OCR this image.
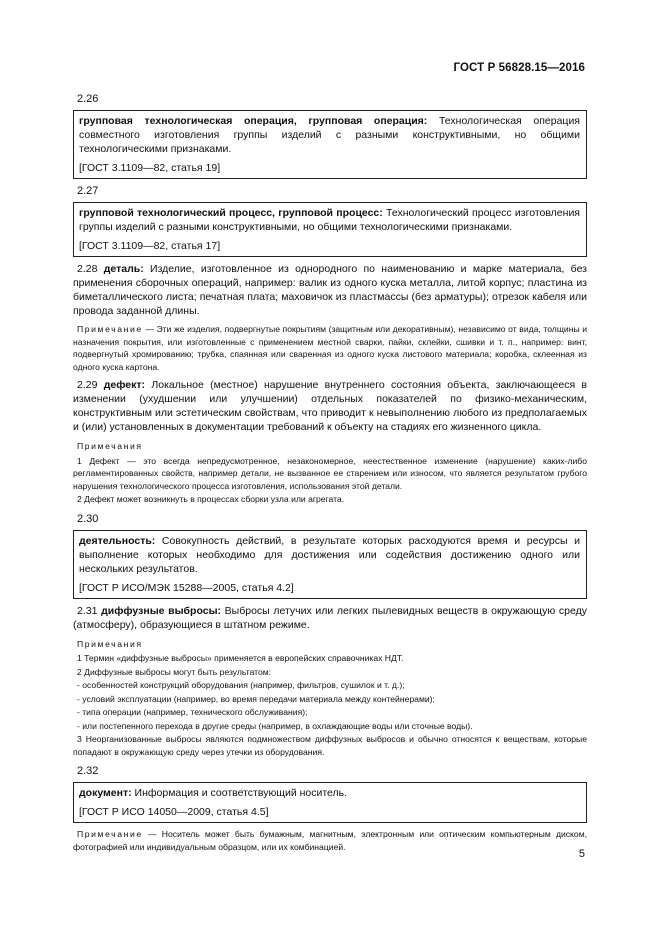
ГОСТ Р 56828.15—2016
2.26

групповая технологическая операция, групповая операция: Технологическая операция совместного изготовления группы изделий с разными конструктивными, но общими технологическими признаками.

[ГОСТ 3.1109—82, статья 19]

2.27

групповой технологический процесс, групповой процесс: Технологический процесс изготовления группы изделий с разными конструктивными, но общими технологическими признаками.

[ГОСТ 3.1109—82, статья 17]

2.28 деталь: Изделие, изготовленное из однородного по наименованию и марке материала, без применения сборочных операций, например: валик из одного куска металла, литой корпус; пластина из биметаллического листа; печатная плата; маховичок из пластмассы (без арматуры); отрезок кабеля или провода заданной длины.

Примечание — Эти же изделия, подвергнутые покрытиям (защитным или декоративным), независимо от вида, толщины и назначения покрытия, или изготовленные с применением местной сварки, пайки, склейки, сшивки и т. п., например: винт, подвергнутый хромированию; трубка, спаянная или сваренная из одного куска листового материала; коробка, склеенная из одного куска картона.

2.29 дефект: Локальное (местное) нарушение внутреннего состояния объекта, заключающееся в изменении (ухудшении или улучшении) отдельных показателей по физико-механическим, конструктивным или эстетическим свойствам, что приводит к невыполнению любого из предполагаемых и (или) установленных в документации требований к объекту на стадиях его жизненного цикла.

Примечания

1 Дефект — это всегда непредусмотренное, незакономерное, неестественное изменение (нарушение) каких-либо регламентированных свойств, например детали, не вызванное ее старением или износом, что является результатом грубого нарушения технологического процесса изготовления, использования этой детали.

2 Дефект может возникнуть в процессах сборки узла или агрегата.

2.30

деятельность: Совокупность действий, в результате которых расходуются время и ресурсы и выполнение которых необходимо для достижения или содействия достижению одного или нескольких результатов.

[ГОСТ Р ИСО/МЭК 15288—2005, статья 4.2]

2.31 диффузные выбросы: Выбросы летучих или легких пылевидных веществ в окружающую среду (атмосферу), образующиеся в штатном режиме.

Примечания

1 Термин «диффузные выбросы» применяется в европейских справочниках НДТ.

2 Диффузные выбросы могут быть результатом:

- особенностей конструкций оборудования (например, фильтров, сушилок и т. д.);

- условий эксплуатации (например, во время передачи материала между контейнерами);

- типа операции (например, технического обслуживания);

- или постепенного перехода в другие среды (например, в охлаждающие воды или сточные воды).

3 Неорганизованные выбросы являются подмножеством диффузных выбросов и обычно относятся к веществам, которые попадают в окружающую среду через утечки из оборудования.

2.32

документ: Информация и соответствующий носитель.

[ГОСТ Р ИСО 14050—2009, статья 4.5]

Примечание — Носитель может быть бумажным, магнитным, электронным или оптическим компьютерным диском, фотографией или индивидуальным образцом, или их комбинацией.

5
